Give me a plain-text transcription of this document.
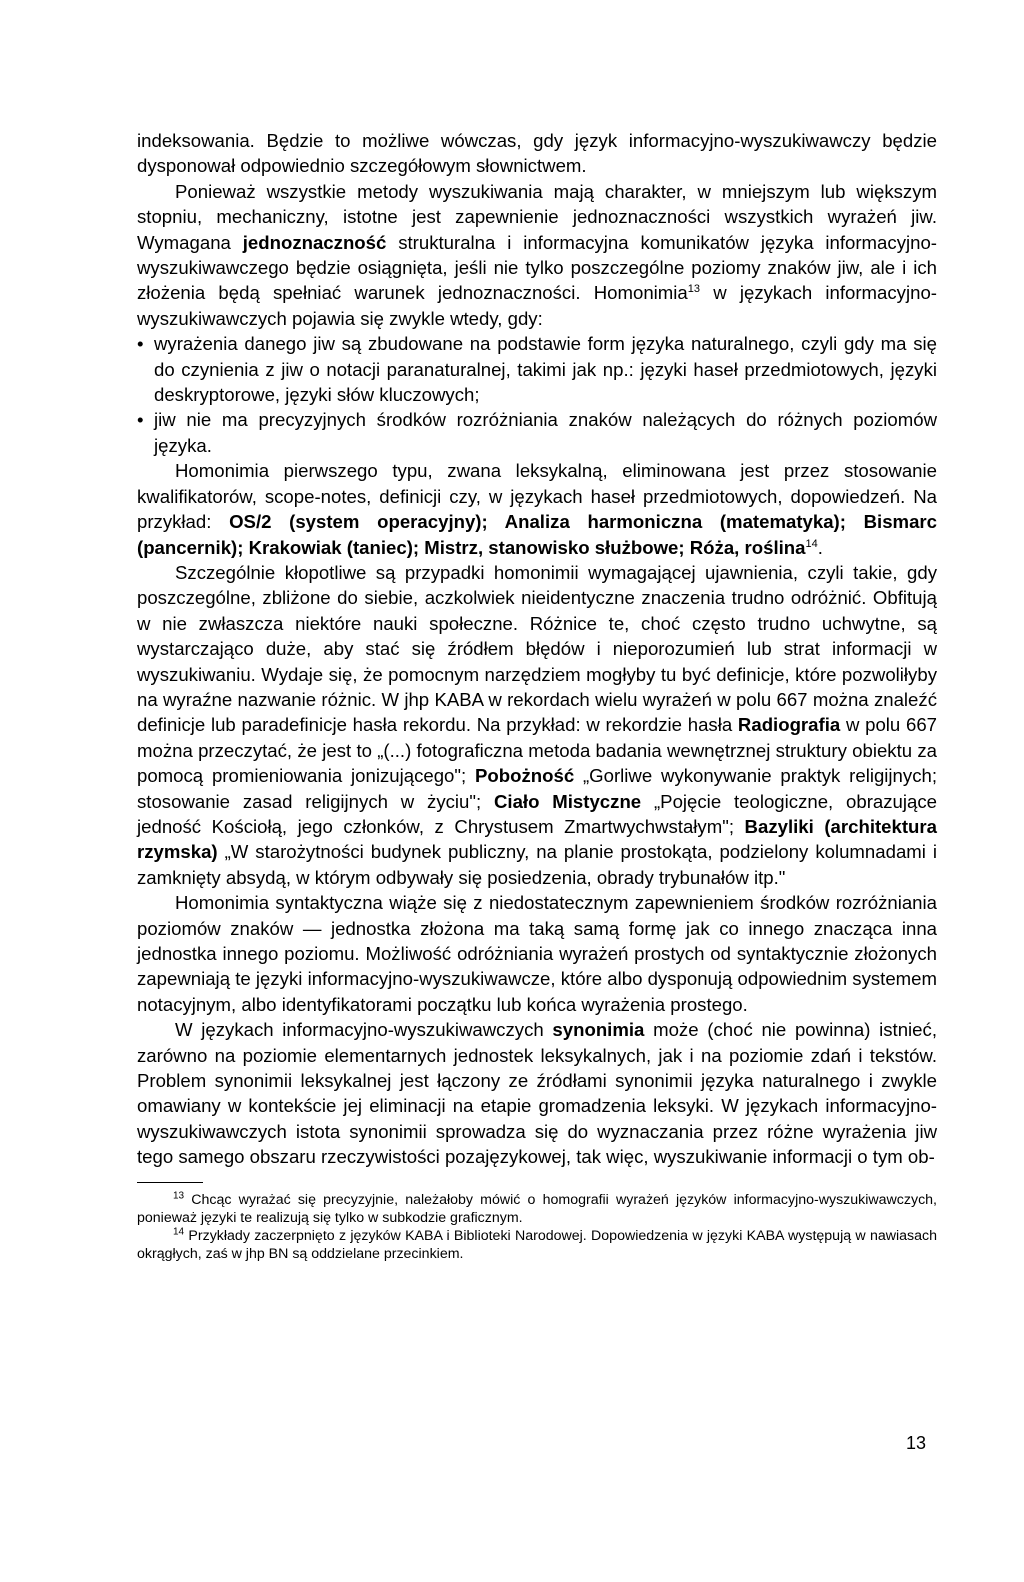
indeksowania. Będzie to możliwe wówczas, gdy język informacyjno-wyszukiwawczy będzie dysponował odpowiednio szczegółowym słownictwem.

Ponieważ wszystkie metody wyszukiwania mają charakter, w mniejszym lub większym stopniu, mechaniczny, istotne jest zapewnienie jednoznaczności wszystkich wyrażeń jiw. Wymagana jednoznaczność strukturalna i informacyjna komunikatów języka informacyjno-wyszukiwawczego będzie osiągnięta, jeśli nie tylko poszczególne poziomy znaków jiw, ale i ich złożenia będą spełniać warunek jednoznaczności. Homonimia$^{13}$ w językach informacyjno-wyszukiwawczych pojawia się zwykle wtedy, gdy:

• wyrażenia danego jiw są zbudowane na podstawie form języka naturalnego, czyli gdy ma się do czynienia z jiw o notacji paranaturalnej, takimi jak np.: języki haseł przedmiotowych, języki deskryptorowe, języki słów kluczowych;
• jiw nie ma precyzyjnych środków rozróżniania znaków należących do różnych poziomów języka.

Homonimia pierwszego typu, zwana leksykalną, eliminowana jest przez stosowanie kwalifikatorów, scope-notes, definicji czy, w językach haseł przedmiotowych, dopowiedzeń. Na przykład: OS/2 (system operacyjny); Analiza harmoniczna (matematyka); Bismarc (pancernik); Krakowiak (taniec); Mistrz, stanowisko służbowe; Róża, roślina$^{14}$.

Szczególnie kłopotliwe są przypadki homonimii wymagającej ujawnienia, czyli takie, gdy poszczególne, zbliżone do siebie, aczkolwiek nieidentyczne znaczenia trudno odróżnić. Obfitują w nie zwłaszcza niektóre nauki społeczne. Różnice te, choć często trudno uchwytne, są wystarczająco duże, aby stać się źródłem błędów i nieporozumień lub strat informacji w wyszukiwaniu. Wydaje się, że pomocnym narzędziem mogłyby tu być definicje, które pozwoliłyby na wyraźne nazwanie różnic. W jhp KABA w rekordach wielu wyrażeń w polu 667 można znaleźć definicje lub paradefinicje hasła rekordu. Na przykład: w rekordzie hasła Radiografia w polu 667 można przeczytać, że jest to „(...) fotograficzna metoda badania wewnętrznej struktury obiektu za pomocą promieniowania jonizującego"; Pobożność „Gorliwe wykonywanie praktyk religijnych; stosowanie zasad religijnych w życiu"; Ciało Mistyczne „Pojęcie teologiczne, obrazujące jedność Kościołą, jego członków, z Chrystusem Zmartwychwstałym"; Bazyliki (architektura rzymska) „W starożytności budynek publiczny, na planie prostokąta, podzielony kolumnadami i zamknięty absydą, w którym odbywały się posiedzenia, obrady trybunałów itp."

Homonimia syntaktyczna wiąże się z niedostatecznym zapewnieniem środków rozróżniania poziomów znaków — jednostka złożona ma taką samą formę jak co innego znacząca inna jednostka innego poziomu. Możliwość odróżniania wyrażeń prostych od syntaktycznie złożonych zapewniają te języki informacyjno-wyszukiwawcze, które albo dysponują odpowiednim systemem notacyjnym, albo identyfikatorami początku lub końca wyrażenia prostego.

W językach informacyjno-wyszukiwawczych synonimia może (choć nie powinna) istnieć, zarówno na poziomie elementarnych jednostek leksykalnych, jak i na poziomie zdań i tekstów. Problem synonimii leksykalnej jest łączony ze źródłami synonimii języka naturalnego i zwykle omawiany w kontekście jej eliminacji na etapie gromadzenia leksyki. W językach informacyjno-wyszukiwawczych istota synonimii sprowadza się do wyznaczania przez różne wyrażenia jiw tego samego obszaru rzeczywistości pozajęzykowej, tak więc, wyszukiwanie informacji o tym ob-

$^{13}$ Chcąc wyrażać się precyzyjnie, należałoby mówić o homografii wyrażeń języków informacyjno-wyszukiwawczych, ponieważ języki te realizują się tylko w subkodzie graficznym.

$^{14}$ Przykłady zaczerpnięto z języków KABA i Biblioteki Narodowej. Dopowiedzenia w języki KABA występują w nawiasach okrągłych, zaś w jhp BN są oddzielane przecinkiem.

13
